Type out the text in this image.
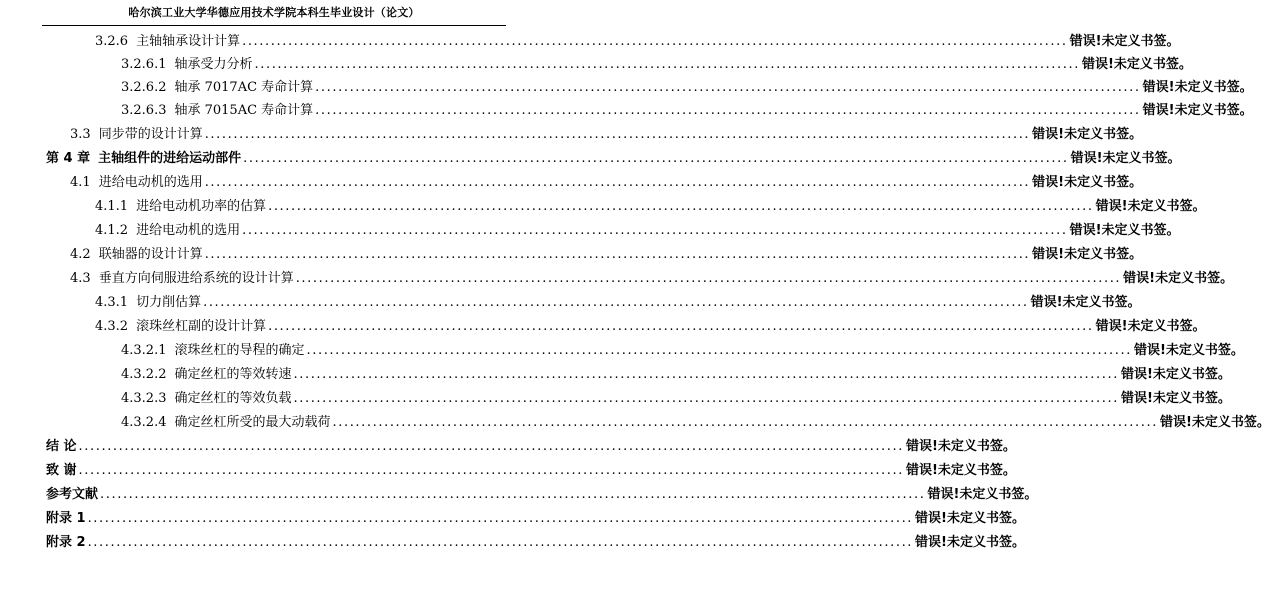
哈尔滨工业大学华德应用技术学院本科生毕业设计（论文）
3.2.6 主轴轴承设计计算 ................................................................................................................................................ 错误!未定义书签。
3.2.6.1 轴承受力分析 ................................................................................................................................................ 错误!未定义书签。
3.2.6.2 轴承 7017AC 寿命计算 ................................................................................................................................................ 错误!未定义书签。
3.2.6.3 轴承 7015AC 寿命计算 ................................................................................................................................................ 错误!未定义书签。
3.3 同步带的设计计算 ................................................................................................................................................ 错误!未定义书签。
第 4 章 主轴组件的进给运动部件 ................................................................................................................................................ 错误!未定义书签。
4.1 进给电动机的选用 ................................................................................................................................................ 错误!未定义书签。
4.1.1 进给电动机功率的估算 ................................................................................................................................................ 错误!未定义书签。
4.1.2 进给电动机的选用 ................................................................................................................................................ 错误!未定义书签。
4.2 联轴器的设计计算 ................................................................................................................................................ 错误!未定义书签。
4.3 垂直方向伺服进给系统的设计计算 ................................................................................................................................................ 错误!未定义书签。
4.3.1 切力削估算 ................................................................................................................................................ 错误!未定义书签。
4.3.2 滚珠丝杠副的设计计算 ................................................................................................................................................ 错误!未定义书签。
4.3.2.1 滚珠丝杠的导程的确定 ................................................................................................................................................ 错误!未定义书签。
4.3.2.2 确定丝杠的等效转速 ................................................................................................................................................ 错误!未定义书签。
4.3.2.3 确定丝杠的等效负载 ................................................................................................................................................ 错误!未定义书签。
4.3.2.4 确定丝杠所受的最大动载荷 ................................................................................................................................................ 错误!未定义书签。
结 论 ................................................................................................................................................ 错误!未定义书签。
致 谢 ................................................................................................................................................ 错误!未定义书签。
参考文献 ................................................................................................................................................ 错误!未定义书签。
附录 1 ................................................................................................................................................ 错误!未定义书签。
附录 2 ................................................................................................................................................ 错误!未定义书签。
